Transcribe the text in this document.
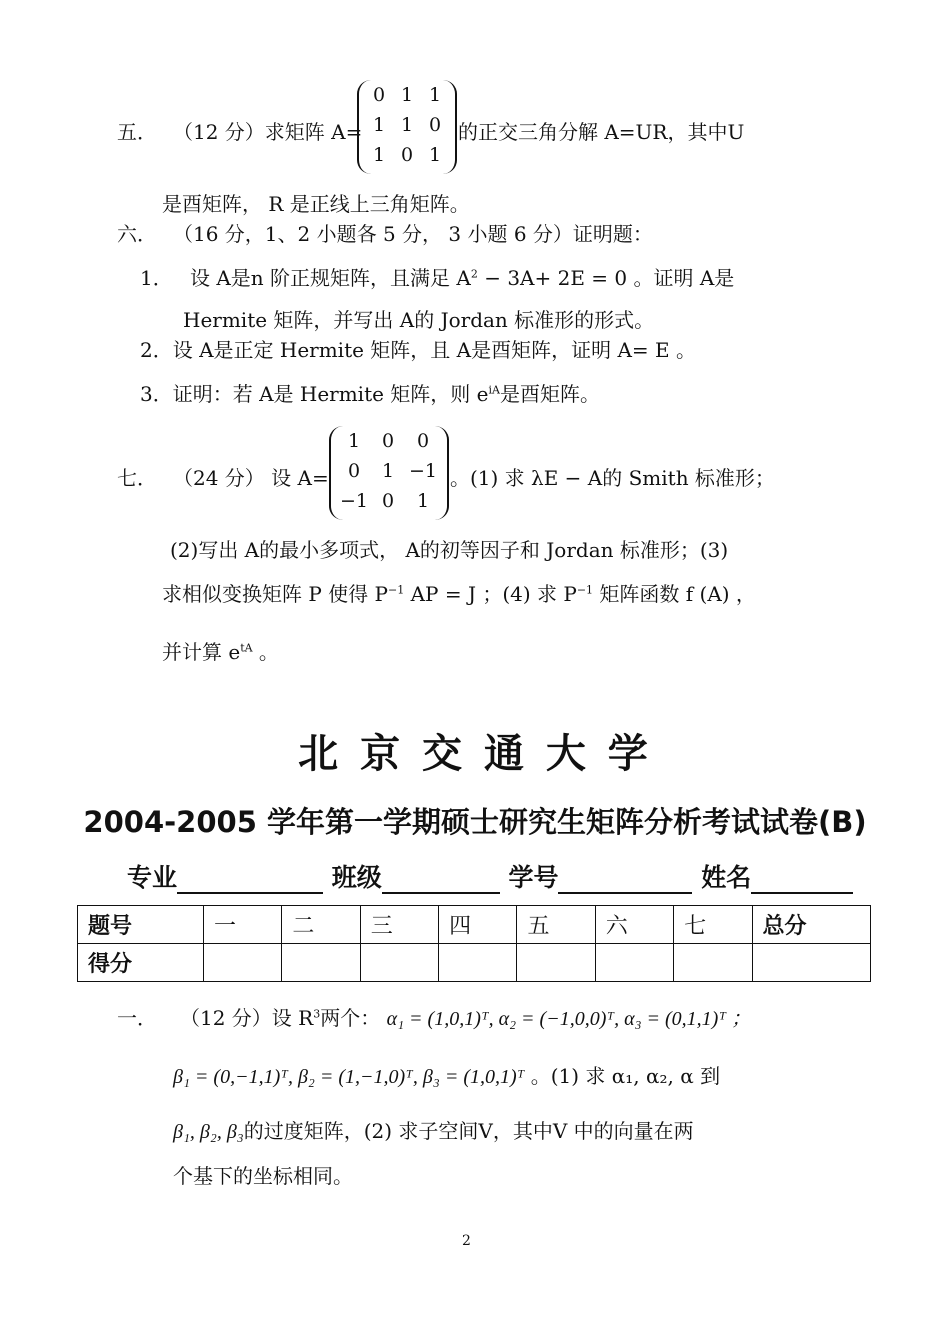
五． （12 分）求矩阵 A=
0 1 1
1 1 0
1 0 1
的正交三角分解 A=UR，其中U
是酉矩阵， R 是正线上三角矩阵。
六． （16 分，1、2 小题各 5 分， 3 小题 6 分）证明题：
1． 设 A是n 阶正规矩阵，且满足 $A^2 - 3A+ 2E = 0$ 。证明 A是
Hermite 矩阵，并写出 A的 Jordan 标准形的形式。
2．设 A是正定 Hermite 矩阵，且 A是酉矩阵，证明 A= E 。
3．证明：若 A是 Hermite 矩阵，则 $e^{iA}$是酉矩阵。
七． （24 分） 设 A=
1	0	0
0	1 −1
−1 0	1
。(1) 求 λE − A的 Smith 标准形；
(2)写出 A的最小多项式， A的初等因子和 Jordan 标准形；(3)
求相似变换矩阵 P 使得 $P^{-1}$ AP = J ；(4) 求 $P^{-1}$ 矩阵函数 f (A) ，
并计算 $e^{tA}$ 。
北 京 交 通 大 学
2004-2005 学年第一学期硕士研究生矩阵分析考试试卷(B)
专业	班级	学号	姓名
题号	一	二	三	四	五	六	七	总分
得分								
一． （12 分）设 $R^3$两个： α₁ = (1,0,1)ᵀ, α₂ = (−1,0,0)ᵀ, α₃ = (0,1,1)ᵀ ；
β₁ = (0,−1,1)ᵀ, β₂ = (1,−1,0)ᵀ, β₃ = (1,0,1)ᵀ 。(1) 求 α₁, α₂, α 到
β₁, β₂, β₃的过度矩阵，(2) 求子空间V，其中V 中的向量在两
个基下的坐标相同。
2
